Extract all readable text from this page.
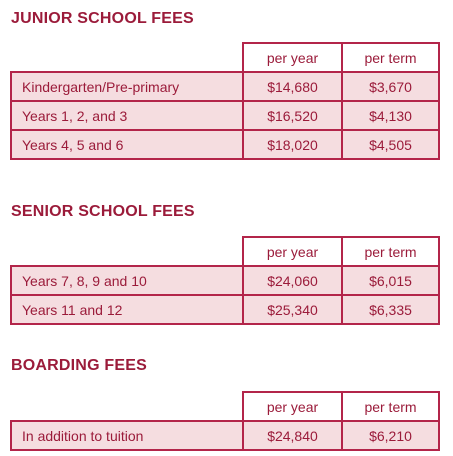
JUNIOR SCHOOL FEES
	per year	per term
Kindergarten/Pre-primary	$14,680	$3,670
Years 1, 2, and 3	$16,520	$4,130
Years 4, 5 and 6	$18,020	$4,505
SENIOR SCHOOL FEES
	per year	per term
Years 7, 8, 9 and 10	$24,060	$6,015
Years 11 and 12	$25,340	$6,335
BOARDING FEES
	per year	per term
In addition to tuition	$24,840	$6,210
